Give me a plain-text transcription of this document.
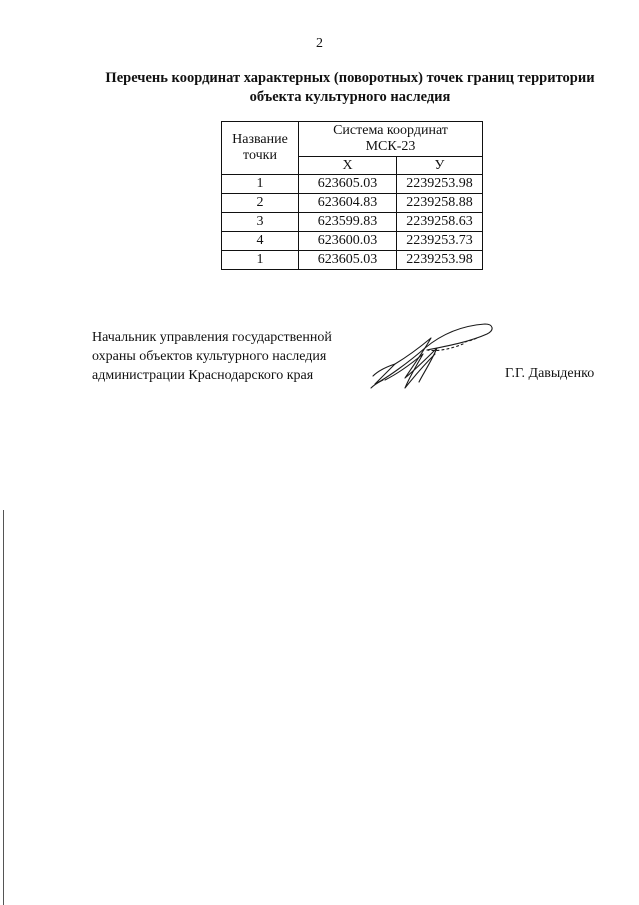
2
Перечень координат характерных (поворотных) точек границ территории
объекта культурного наследия
Название точки	Система координат
МСК-23	

	Х	У
1	623605.03	2239253.98
2	623604.83	2239258.88
3	623599.83	2239258.63
4	623600.03	2239253.73
1	623605.03	2239253.98
Начальник управления государственной
охраны объектов культурного наследия
администрации Краснодарского края	Г.Г. Давыденко
